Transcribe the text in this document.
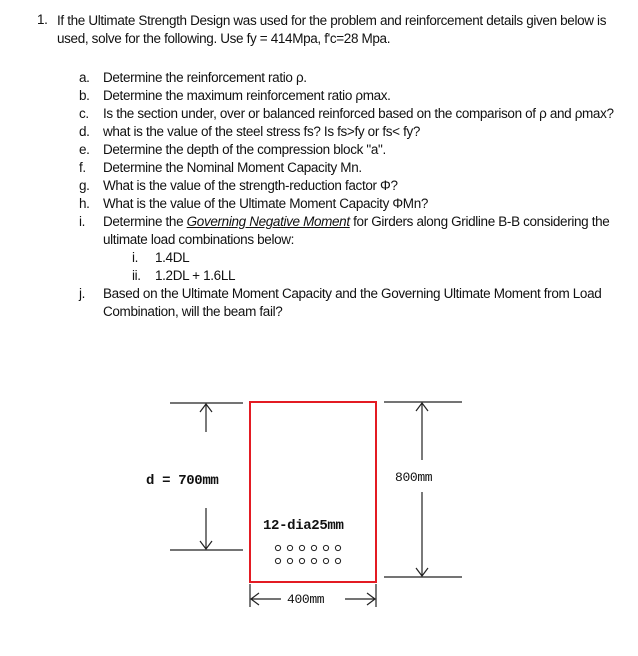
1. If the Ultimate Strength Design was used for the problem and reinforcement details given below is used, solve for the following. Use fy = 414Mpa, f'c=28 Mpa.
a. Determine the reinforcement ratio ρ.
b. Determine the maximum reinforcement ratio ρmax.
c.	Is the section under, over or balanced reinforced based on the comparison of ρ and ρmax?
d. what is the value of the steel stress fs? Is fs>fy or fs< fy?
e. Determine the depth of the compression block "a".
f.	Determine the Nominal Moment Capacity Mn.
g. What is the value of the strength-reduction factor Φ?
h. What is the value of the Ultimate Moment Capacity ΦMn?
i.	Determine the Governing Negative Moment for Girders along Gridline B-B considering the ultimate load combinations below:
i.	1.4DL
ii.	1.2DL + 1.6LL
j.	Based on the Ultimate Moment Capacity and the Governing Ultimate Moment from Load Combination, will the beam fail?
d = 700mm	800mm
12-dia25mm
400mm
